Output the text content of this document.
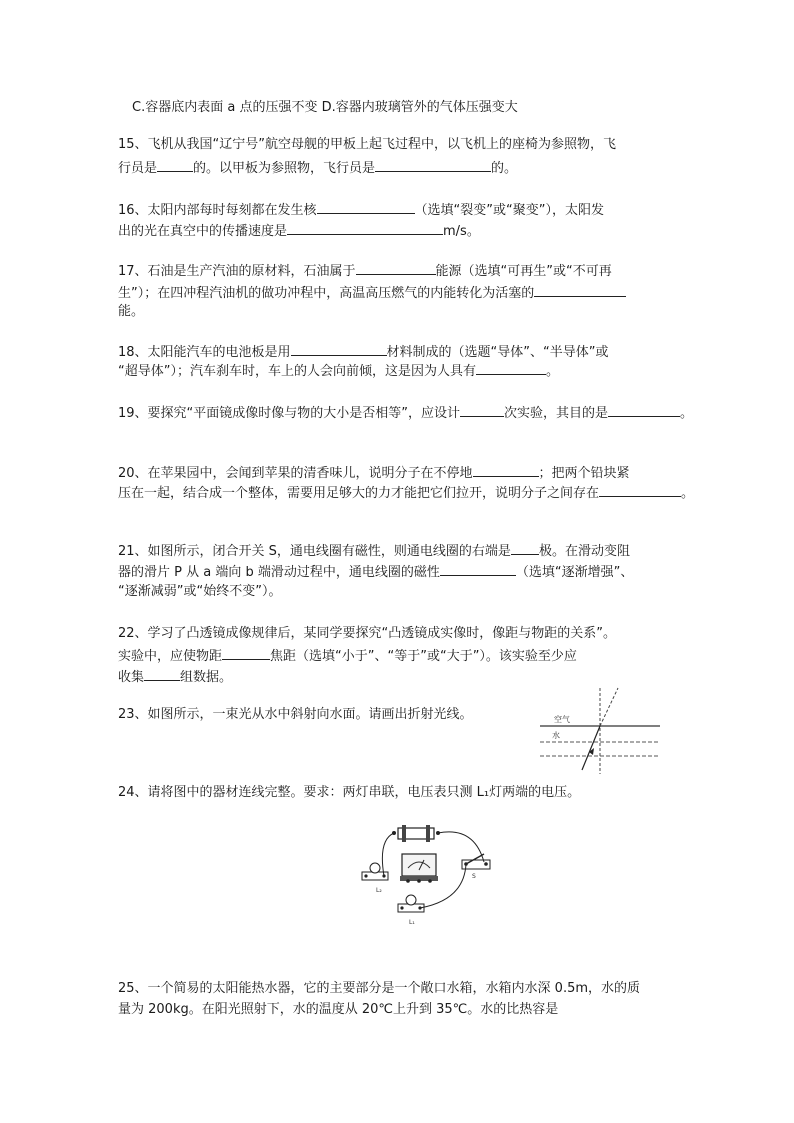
C.容器底内表面 a 点的压强不变 D.容器内玻璃管外的气体压强变大
15、飞机从我国“辽宁号”航空母舰的甲板上起飞过程中，以飞机上的座椅为参照物，飞
行员是	的。以甲板为参照物，飞行员是	的。
16、太阳内部每时每刻都在发生核	（选填“裂变”或“聚变”），太阳发
出的光在真空中的传播速度是	m/s。
17、石油是生产汽油的原材料，石油属于	能源（选填“可再生”或“不可再
生”）；在四冲程汽油机的做功冲程中，高温高压燃气的内能转化为活塞的
能。
18、太阳能汽车的电池板是用	材料制成的（选题“导体”、“半导体”或
“超导体”）；汽车刹车时，车上的人会向前倾，这是因为人具有	。
19、要探究“平面镜成像时像与物的大小是否相等”，应设计	次实验，其目的是	。
20、在苹果园中，会闻到苹果的清香味儿，说明分子在不停地	；把两个铅块紧
压在一起，结合成一个整体，需要用足够大的力才能把它们拉开，说明分子之间存在	。
21、如图所示，闭合开关 S，通电线圈有磁性，则通电线圈的右端是 极。在滑动变阻
器的滑片 P 从 a 端向 b 端滑动过程中，通电线圈的磁性	（选填“逐渐增强”、
“逐渐减弱”或“始终不变”）。
22、学习了凸透镜成像规律后，某同学要探究“凸透镜成实像时，像距与物距的关系”。
实验中，应使物距	焦距（选填“小于”、“等于”或“大于”）。该实验至少应
收集	组数据。
23、如图所示，一束光从水中斜射向水面。请画出折射光线。	空气
水
24、请将图中的器材连线完整。要求：两灯串联，电压表只测 L₁灯两端的电压。
L₂
L₁
S
25、一个简易的太阳能热水器，它的主要部分是一个敞口水箱，水箱内水深 0.5m，水的质
量为 200kg。在阳光照射下，水的温度从 20℃上升到 35℃。水的比热容是
